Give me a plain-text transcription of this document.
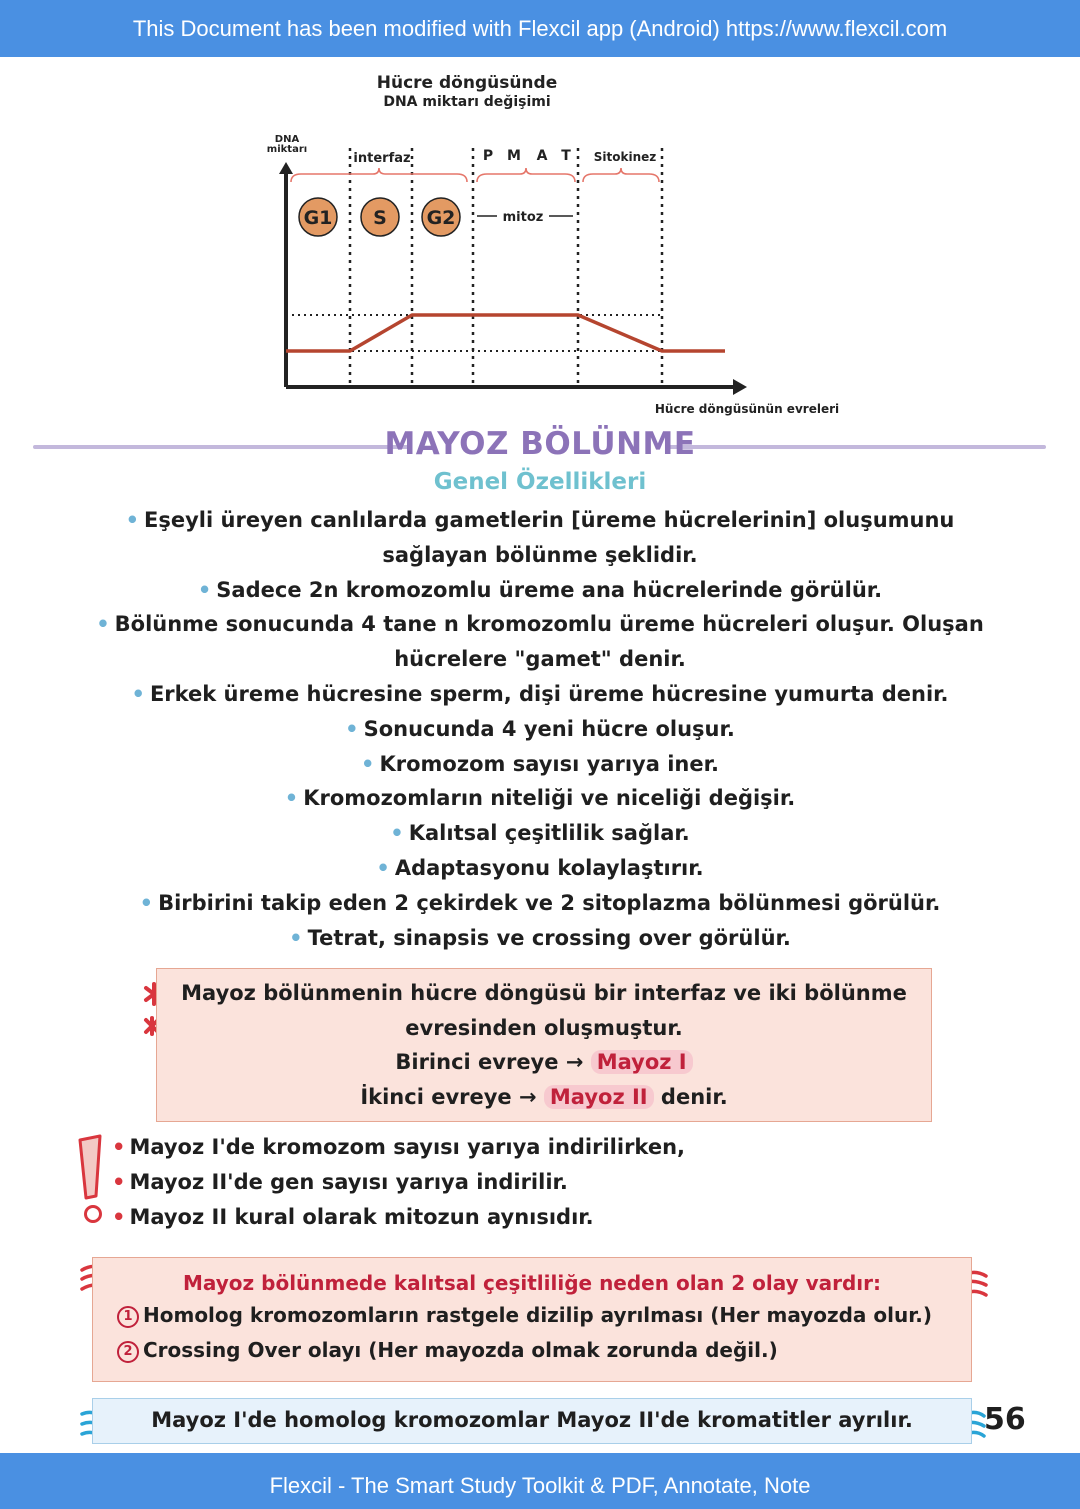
This Document has been modified with Flexcil app (Android) https://www.flexcil.com
Hücre döngüsünde
DNA miktarı değişimi
DNA
miktarı
interfaz	P M A T Sitokinez
G1 S G2	mitoz
Hücre döngüsünün evreleri
MAYOZ BÖLÜNME
Genel Özellikleri
• Eşeyli üreyen canlılarda gametlerin [üreme hücrelerinin] oluşumunu
sağlayan bölünme şeklidir.
• Sadece 2n kromozomlu üreme ana hücrelerinde görülür.
• Bölünme sonucunda 4 tane n kromozomlu üreme hücreleri oluşur. Oluşan
hücrelere "gamet" denir.
• Erkek üreme hücresine sperm, dişi üreme hücresine yumurta denir.
• Sonucunda 4 yeni hücre oluşur.
• Kromozom sayısı yarıya iner.
• Kromozomların niteliği ve niceliği değişir.
• Kalıtsal çeşitlilik sağlar.
• Adaptasyonu kolaylaştırır.
• Birbirini takip eden 2 çekirdek ve 2 sitoplazma bölünmesi görülür.
• Tetrat, sinapsis ve crossing over görülür.
Mayoz bölünmenin hücre döngüsü bir interfaz ve iki bölünme
evresinden oluşmuştur.
Birinci evreye → Mayoz I
İkinci evreye → Mayoz II denir.
• Mayoz I'de kromozom sayısı yarıya indirilirken,
• Mayoz II'de gen sayısı yarıya indirilir.
• Mayoz II kural olarak mitozun aynısıdır.
Mayoz bölünmede kalıtsal çeşitliliğe neden olan 2 olay vardır:
1 Homolog kromozomların rastgele dizilip ayrılması (Her mayozda olur.)
2 Crossing Over olayı (Her mayozda olmak zorunda değil.)
Mayoz I'de homolog kromozomlar Mayoz II'de kromatitler ayrılır.	56
Flexcil - The Smart Study Toolkit & PDF, Annotate, Note
